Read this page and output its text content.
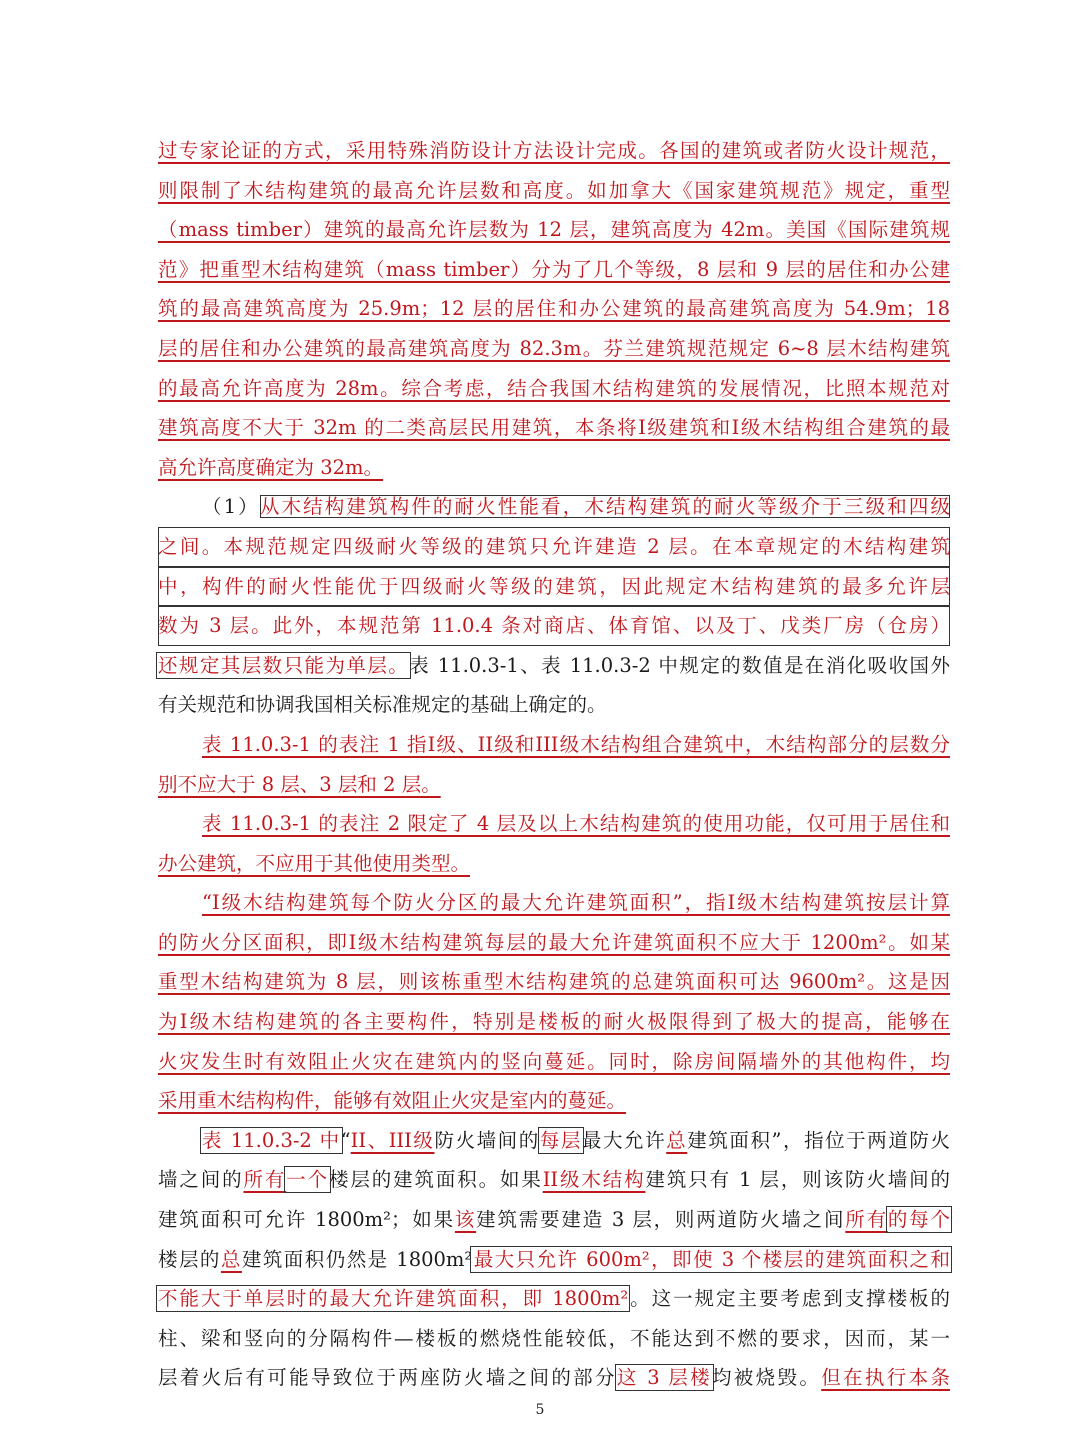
过专家论证的方式，采用特殊消防设计方法设计完成。各国的建筑或者防火设计规范，
则限制了木结构建筑的最高允许层数和高度。如加拿大《国家建筑规范》规定，重型
（mass timber）建筑的最高允许层数为 12 层，建筑高度为 42m。美国《国际建筑规
范》把重型木结构建筑（mass timber）分为了几个等级，8 层和 9 层的居住和办公建
筑的最高建筑高度为 25.9m；12 层的居住和办公建筑的最高建筑高度为 54.9m；18
层的居住和办公建筑的最高建筑高度为 82.3m。芬兰建筑规范规定 6~8 层木结构建筑
的最高允许高度为 28m。综合考虑，结合我国木结构建筑的发展情况，比照本规范对
建筑高度不大于 32m 的二类高层民用建筑，本条将I级建筑和I级木结构组合建筑的最
高允许高度确定为 32m。
（1）从木结构建筑构件的耐火性能看，木结构建筑的耐火等级介于三级和四级
之间。本规范规定四级耐火等级的建筑只允许建造 2 层。在本章规定的木结构建筑
中，构件的耐火性能优于四级耐火等级的建筑，因此规定木结构建筑的最多允许层
数为 3 层。此外，本规范第 11.0.4 条对商店、体育馆、以及丁、戊类厂房（仓房）
还规定其层数只能为单层。表 11.0.3-1、表 11.0.3-2 中规定的数值是在消化吸收国外
有关规范和协调我国相关标准规定的基础上确定的。
表 11.0.3-1 的表注 1 指I级、II级和III级木结构组合建筑中，木结构部分的层数分
别不应大于 8 层、3 层和 2 层。
表 11.0.3-1 的表注 2 限定了 4 层及以上木结构建筑的使用功能，仅可用于居住和
办公建筑，不应用于其他使用类型。
“I级木结构建筑每个防火分区的最大允许建筑面积”，指I级木结构建筑按层计算
的防火分区面积，即I级木结构建筑每层的最大允许建筑面积不应大于 1200m²。如某
重型木结构建筑为 8 层，则该栋重型木结构建筑的总建筑面积可达 9600m²。这是因
为I级木结构建筑的各主要构件，特别是楼板的耐火极限得到了极大的提高，能够在
火灾发生时有效阻止火灾在建筑内的竖向蔓延。同时，除房间隔墙外的其他构件，均
采用重木结构构件，能够有效阻止火灾是室内的蔓延。
表 11.0.3-2 中“II、III级防火墙间的每层最大允许总建筑面积”，指位于两道防火
墙之间的所有一个楼层的建筑面积。如果II级木结构建筑只有 1 层，则该防火墙间的
建筑面积可允许 1800m²；如果该建筑需要建造 3 层，则两道防火墙之间所有的每个
楼层的总建筑面积仍然是 1800m²最大只允许 600m²，即使 3 个楼层的建筑面积之和
不能大于单层时的最大允许建筑面积，即 1800m²。这一规定主要考虑到支撑楼板的
柱、梁和竖向的分隔构件—楼板的燃烧性能较低，不能达到不燃的要求，因而，某一
层着火后有可能导致位于两座防火墙之间的部分这 3 层楼均被烧毁。但在执行本条
5
